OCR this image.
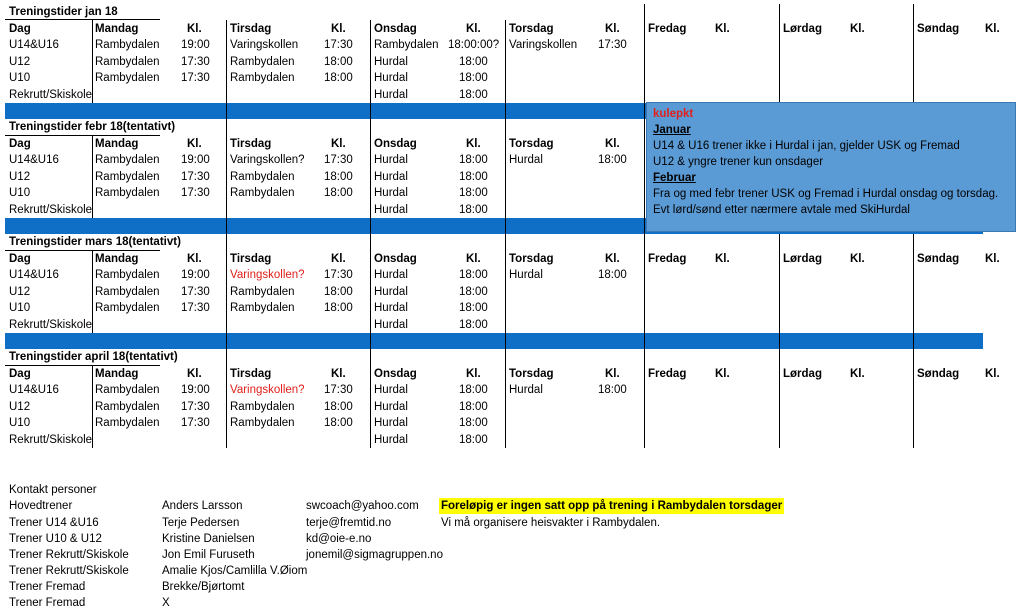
Treningstider jan 18
Dag	Mandag	Kl. Tirsdag	Kl. Onsdag	Kl. Torsdag	Kl. Fredag Kl.	Lørdag Kl.	Søndag Kl.
U14&U16	Rambydalen 19:00 Varingskollen 17:30 Rambydalen 18:00:00? Varingskollen 17:30
U12	Rambydalen 17:30 Rambydalen	18:00 Hurdal	18:00
U10	Rambydalen 17:30 Rambydalen	18:00 Hurdal	18:00
Rekrutt/Skiskole	Hurdal	18:00
Treningstider febr 18(tentativt)
Dag	Mandag	Kl. Tirsdag	Kl. Onsdag	Kl. Torsdag	Kl.
U14&U16	Rambydalen 19:00 Varingskollen? 17:30 Hurdal	18:00 Hurdal	18:00
U12	Rambydalen 17:30 Rambydalen	18:00 Hurdal	18:00
U10	Rambydalen 17:30 Rambydalen	18:00 Hurdal	18:00
Rekrutt/Skiskole	Hurdal	18:00
Treningstider mars 18(tentativt)
Dag	Mandag	Kl. Tirsdag	Kl. Onsdag	Kl. Torsdag	Kl. Fredag Kl.	Lørdag Kl.	Søndag Kl.
U14&U16	Rambydalen 19:00 Varingskollen? 17:30 Hurdal	18:00 Hurdal	18:00
U12	Rambydalen 17:30 Rambydalen	18:00 Hurdal	18:00
U10	Rambydalen 17:30 Rambydalen	18:00 Hurdal	18:00
Rekrutt/Skiskole	Hurdal	18:00
Treningstider april 18(tentativt)
Dag	Mandag	Kl. Tirsdag	Kl. Onsdag	Kl. Torsdag	Kl. Fredag Kl.	Lørdag Kl.	Søndag Kl.
U14&U16	Rambydalen 19:00 Varingskollen? 17:30 Hurdal	18:00 Hurdal	18:00
U12	Rambydalen 17:30 Rambydalen	18:00 Hurdal	18:00
U10	Rambydalen 17:30 Rambydalen	18:00 Hurdal	18:00
Rekrutt/Skiskole	Hurdal	18:00
kulepkt
Januar
U14 & U16 trener ikke i Hurdal i jan, gjelder USK og Fremad
U12 & yngre trener kun onsdager
Februar
Fra og med febr trener USK og Fremad i Hurdal onsdag og torsdag.
Evt lørd/sønd etter nærmere avtale med SkiHurdal
Kontakt personer
Hovedtrener	Anders Larsson	swcoach@yahoo.com
Trener U14 &U16	Terje Pedersen	terje@fremtid.no
Trener U10 & U12	Kristine Danielsen	kd@oie-e.no
Trener Rekrutt/Skiskole	Jon Emil Furuseth	jonemil@sigmagruppen.no
Trener Rekrutt/Skiskole	Amalie Kjos/Camlilla V.Øiom
Trener Fremad	Brekke/Bjørtomt
Trener Fremad	X
Foreløpig er ingen satt opp på trening i Rambydalen torsdager
Vi må organisere heisvakter i Rambydalen.
